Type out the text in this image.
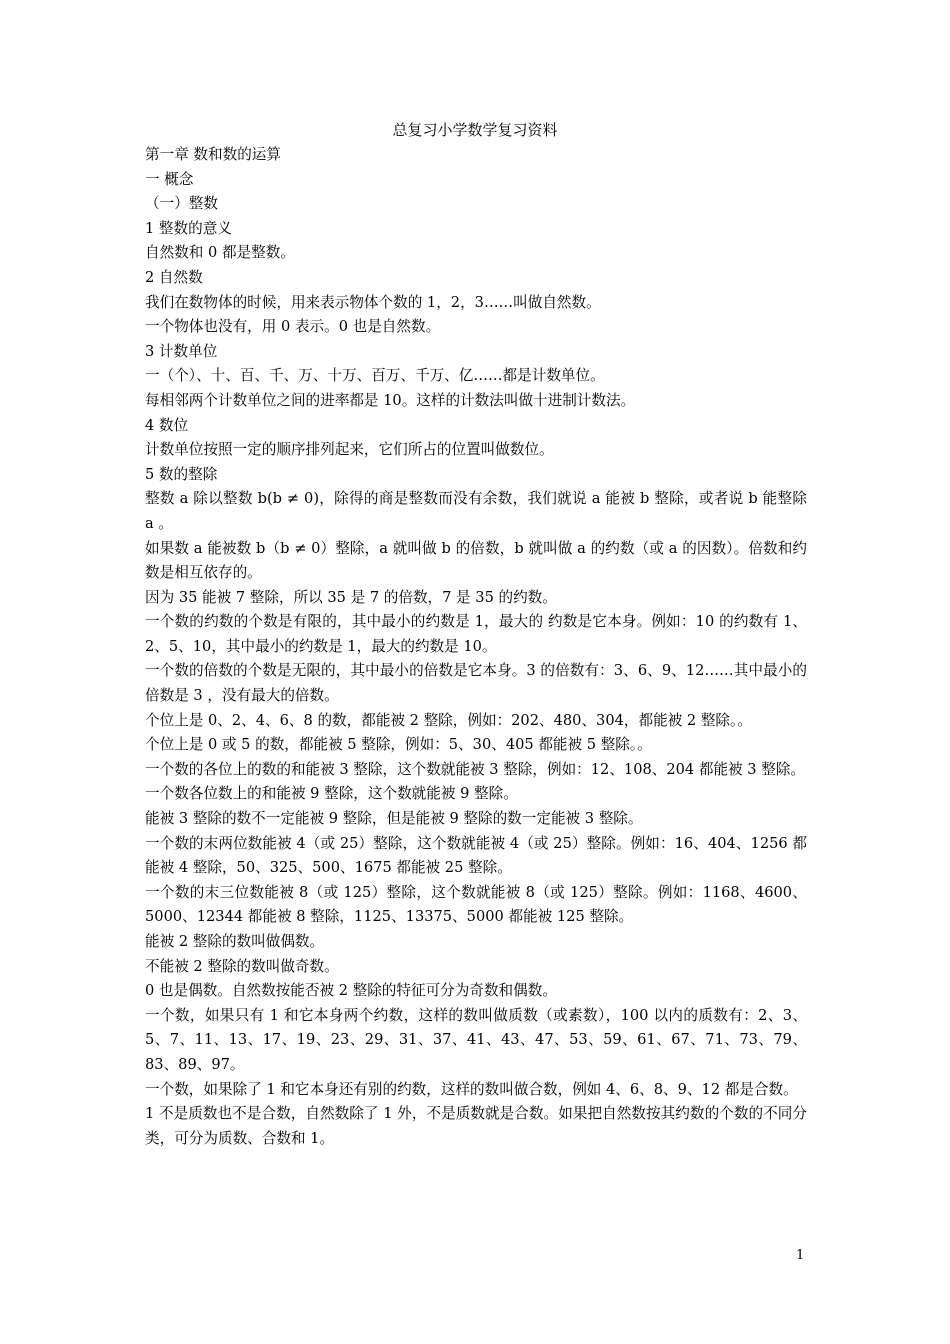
总复习小学数学复习资料

第一章 数和数的运算

一 概念

（一）整数

1 整数的意义

自然数和 0 都是整数。

2 自然数

我们在数物体的时候，用来表示物体个数的 1，2，3……叫做自然数。

一个物体也没有，用 0 表示。0 也是自然数。

3 计数单位

一（个）、十、百、千、万、十万、百万、千万、亿……都是计数单位。

每相邻两个计数单位之间的进率都是 10。这样的计数法叫做十进制计数法。

4 数位

计数单位按照一定的顺序排列起来，它们所占的位置叫做数位。

5 数的整除

整数 a 除以整数 b(b ≠ 0)，除得的商是整数而没有余数，我们就说 a 能被 b 整除，或者说 b 能整除 a 。

如果数 a 能被数 b（b ≠ 0）整除，a 就叫做 b 的倍数，b 就叫做 a 的约数（或 a 的因数）。倍数和约数是相互依存的。

因为 35 能被 7 整除，所以 35 是 7 的倍数，7 是 35 的约数。

一个数的约数的个数是有限的，其中最小的约数是 1，最大的 约数是它本身。例如：10 的约数有 1、2、5、10，其中最小的约数是 1，最大的约数是 10。

一个数的倍数的个数是无限的，其中最小的倍数是它本身。3 的倍数有：3、6、9、12……其中最小的倍数是 3 ，没有最大的倍数。

个位上是 0、2、4、6、8 的数，都能被 2 整除，例如：202、480、304，都能被 2 整除。。

个位上是 0 或 5 的数，都能被 5 整除，例如：5、30、405 都能被 5 整除。。

一个数的各位上的数的和能被 3 整除，这个数就能被 3 整除，例如：12、108、204 都能被 3 整除。

一个数各位数上的和能被 9 整除，这个数就能被 9 整除。

能被 3 整除的数不一定能被 9 整除，但是能被 9 整除的数一定能被 3 整除。

一个数的末两位数能被 4（或 25）整除，这个数就能被 4（或 25）整除。例如：16、404、1256 都能被 4 整除，50、325、500、1675 都能被 25 整除。

一个数的末三位数能被 8（或 125）整除，这个数就能被 8（或 125）整除。例如：1168、4600、5000、12344 都能被 8 整除，1125、13375、5000 都能被 125 整除。

能被 2 整除的数叫做偶数。

不能被 2 整除的数叫做奇数。

0 也是偶数。自然数按能否被 2 整除的特征可分为奇数和偶数。

一个数，如果只有 1 和它本身两个约数，这样的数叫做质数（或素数），100 以内的质数有：2、3、5、7、11、13、17、19、23、29、31、37、41、43、47、53、59、61、67、71、73、79、83、89、97。

一个数，如果除了 1 和它本身还有别的约数，这样的数叫做合数，例如 4、6、8、9、12 都是合数。

1 不是质数也不是合数，自然数除了 1 外，不是质数就是合数。如果把自然数按其约数的个数的不同分类，可分为质数、合数和 1。

1
